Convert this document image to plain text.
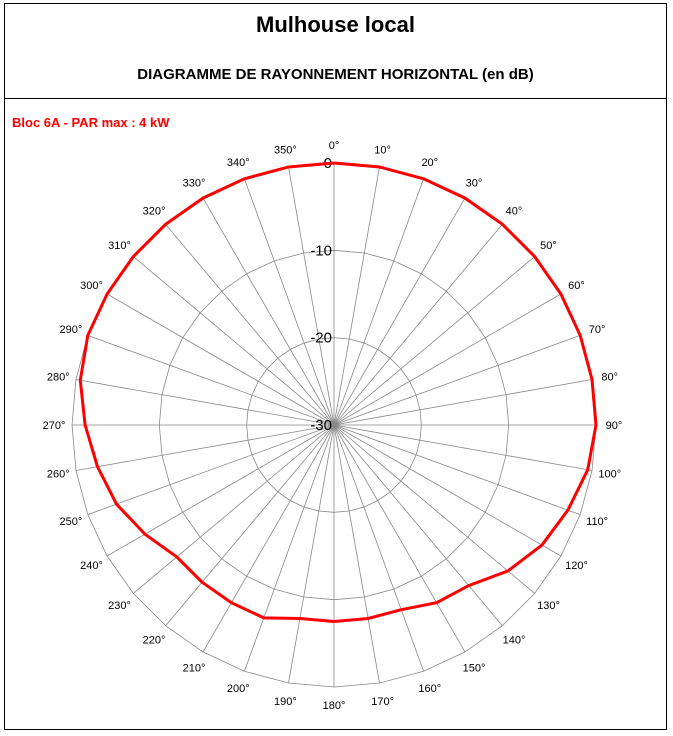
Mulhouse local
DIAGRAMME DE RAYONNEMENT HORIZONTAL (en dB)
Bloc 6A - PAR max : 4 kW
0
-10
-20
-30
0°	10°
20°
30°
40°
50°
60°
70°
80°
90°
100°
110°
120°
130°
140°
150°
160°
170°
180°
190°
200°
210°
220°
230°
240°
250°
260°
270°
280°
290°
300°
310°
320°
330°
340°
350°
